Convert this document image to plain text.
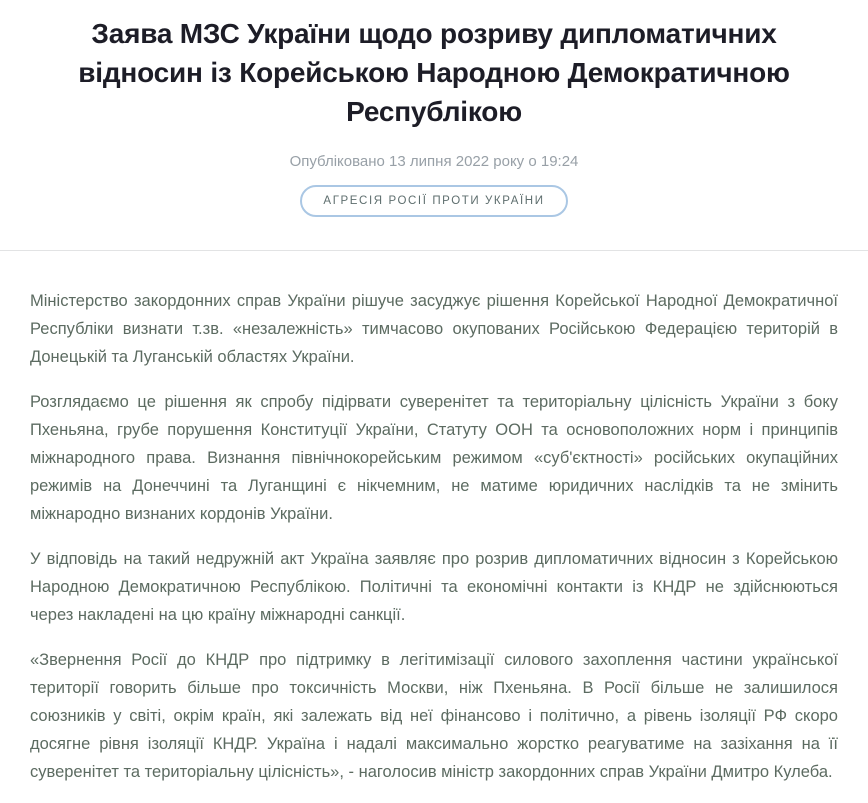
Заява МЗС України щодо розриву дипломатичних відносин із Корейською Народною Демократичною Республікою
Опубліковано 13 липня 2022 року о 19:24
АГРЕСІЯ РОСІЇ ПРОТИ УКРАЇНИ

Міністерство закордонних справ України рішуче засуджує рішення Корейської Народної Демократичної Республіки визнати т.зв. «незалежність» тимчасово окупованих Російською Федерацією територій в Донецькій та Луганській областях України.

Розглядаємо це рішення як спробу підірвати суверенітет та територіальну цілісність України з боку Пхеньяна, грубе порушення Конституції України, Статуту ООН та основоположних норм і принципів міжнародного права. Визнання північнокорейським режимом «суб'єктності» російських окупаційних режимів на Донеччині та Луганщині є нікчемним, не матиме юридичних наслідків та не змінить міжнародно визнаних кордонів України.

У відповідь на такий недружній акт Україна заявляє про розрив дипломатичних відносин з Корейською Народною Демократичною Республікою. Політичні та економічні контакти із КНДР не здійснюються через накладені на цю країну міжнародні санкції.

«Звернення Росії до КНДР про підтримку в легітимізації силового захоплення частини української території говорить більше про токсичність Москви, ніж Пхеньяна. В Росії більше не залишилося союзників у світі, окрім країн, які залежать від неї фінансово і політично, а рівень ізоляції РФ скоро досягне рівня ізоляції КНДР. Україна і надалі максимально жорстко реагуватиме на зазіхання на її суверенітет та територіальну цілісність», - наголосив міністр закордонних справ України Дмитро Кулеба.
